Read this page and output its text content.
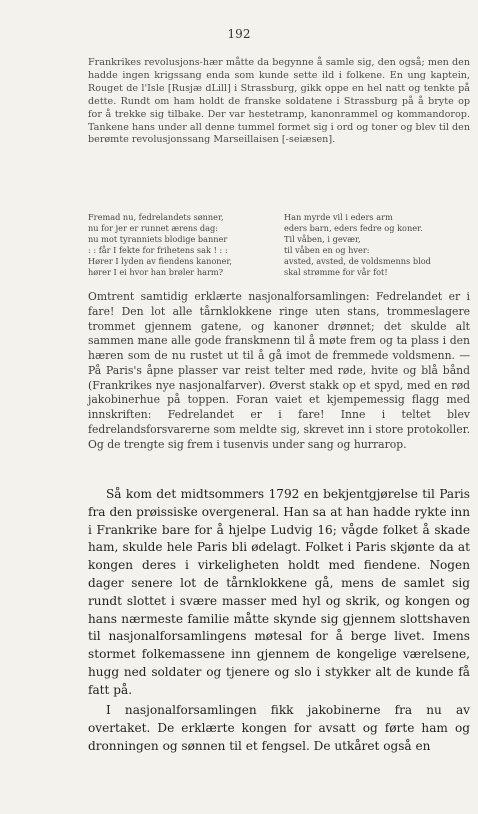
192

Frankrikes revolusjons-hær måtte da begynne å samle sig, den også; men den hadde ingen krigssang enda som kunde sette ild i folkene. En ung kaptein, Rouget de l'Isle [Rusjæ dLill] i Strassburg, gikk oppe en hel natt og tenkte på dette. Rundt om ham holdt de franske soldatene i Strassburg på å bryte op for å trekke sig tilbake. Der var hestetramp, kanonrammel og kommandorop. Tankene hans under all denne tummel formet sig i ord og toner og blev til den berømte revolusjonssang Marseillaisen [-seiæsen].

Fremad nu, fedrelandets sønner,
nu for jer er runnet ærens dag:
nu mot tyranniets blodige banner
: : får I fekte for frihetens sak ! : :
Hører I lyden av fiendens kanoner,
hører I ei hvor han brøler harm?
Han myrde vil i eders arm
eders barn, eders fedre og koner.
Til våben, i gevær,
til våben en og hver:
avsted, avsted, de voldsmenns blod
skal strømme for vår fot!

Omtrent samtidig erklærte nasjonalforsamlingen: Fedrelandet er i fare! Den lot alle tårnklokkene ringe uten stans, trommeslagere trommet gjennem gatene, og kanoner drønnet; det skulde alt sammen mane alle gode franskmenn til å møte frem og ta plass i den hæren som de nu rustet ut til å gå imot de fremmede voldsmenn. — På Paris's åpne plasser var reist telter med røde, hvite og blå bånd (Frankrikes nye nasjonalfarver). Øverst stakk op et spyd, med en rød jakobinerhue på toppen. Foran vaiet et kjempemessig flagg med innskriften: Fedrelandet er i fare! Inne i teltet blev fedrelandsforsvarerne som meldte sig, skrevet inn i store protokoller. Og de trengte sig frem i tusenvis under sang og hurrarop.

Så kom det midtsommers 1792 en bekjentgjørelse til Paris fra den prøissiske overgeneral. Han sa at han hadde rykte inn i Frankrike bare for å hjelpe Ludvig 16; vågde folket å skade ham, skulde hele Paris bli ødelagt. Folket i Paris skjønte da at kongen deres i virkeligheten holdt med fiendene. Nogen dager senere lot de tårnklokkene gå, mens de samlet sig rundt slottet i svære masser med hyl og skrik, og kongen og hans nærmeste familie måtte skynde sig gjennem slottshaven til nasjonalforsamlingens møtesal for å berge livet. Imens stormet folkemassene inn gjennem de kongelige værelsene, hugg ned soldater og tjenere og slo i stykker alt de kunde få fatt på.

I nasjonalforsamlingen fikk jakobinerne fra nu av overtaket. De erklærte kongen for avsatt og førte ham og dronningen og sønnen til et fengsel. De utkåret også en
